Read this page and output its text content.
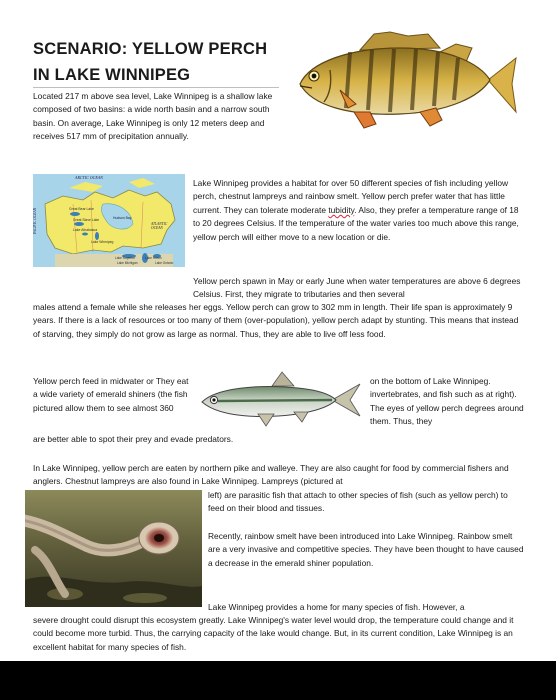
SCENARIO: YELLOW PERCH IN LAKE WINNIPEG
Located 217 m above sea level, Lake Winnipeg is a shallow lake composed of two basins: a wide north basin and a narrow south basin. On average, Lake Winnipeg is only 12 meters deep and receives 517 mm of precipitation annually.
ARCTIC OCEAN
ATLANTIC OCEAN
PACIFIC OCEAN	Great Bear Lake
Great Slave Lake
Lake Athabasca
Lake Winnipeg
Hudson Bay
Lake Superior
Lake Michigan
Lake Huron
Lake Ontario
Lake Winnipeg provides a habitat for over 50 different species of fish including yellow perch, chestnut lampreys and rainbow smelt. Yellow perch prefer water that has little current. They can tolerate moderate tubidity. Also, they prefer a temperature range of 18 to 20 degrees Celsius. If the temperature of the water varies too much above this range, yellow perch will either move to a new location or die.
Yellow perch spawn in May or early June when water temperatures are above 6 degrees Celsius. First, they migrate to tributaries and then several
males attend a female while she releases her eggs. Yellow perch can grow to 302 mm in length. Their life span is approximately 9 years. If there is a lack of resources or too many of them (over-population), yellow perch adapt by stunting. This means that instead of starving, they simply do not grow as large as normal. Thus, they are able to live off less food.
Yellow perch feed in midwater or They eat a wide variety of emerald shiners (the fish pictured allow them to see almost 360
on the bottom of Lake Winnipeg. invertebrates, and fish such as at right). The eyes of yellow perch degrees around them. Thus, they
are better able to spot their prey and evade predators.
In Lake Winnipeg, yellow perch are eaten by northern pike and walleye. They are also caught for food by commercial fishers and anglers. Chestnut lampreys are also found in Lake Winnipeg. Lampreys (pictured at
left) are parasitic fish that attach to other species of fish (such as yellow perch) to feed on their blood and tissues.
Recently, rainbow smelt have been introduced into Lake Winnipeg. Rainbow smelt are a very invasive and competitive species. They have been thought to have caused a decrease in the emerald shiner population.
Lake Winnipeg provides a home for many species of fish. However, a
severe drought could disrupt this ecosystem greatly. Lake Winnipeg's water level would drop, the temperature could change and it could become more turbid. Thus, the carrying capacity of the lake would change. But, in its current condition, Lake Winnipeg is an excellent habitat for many species of fish.
